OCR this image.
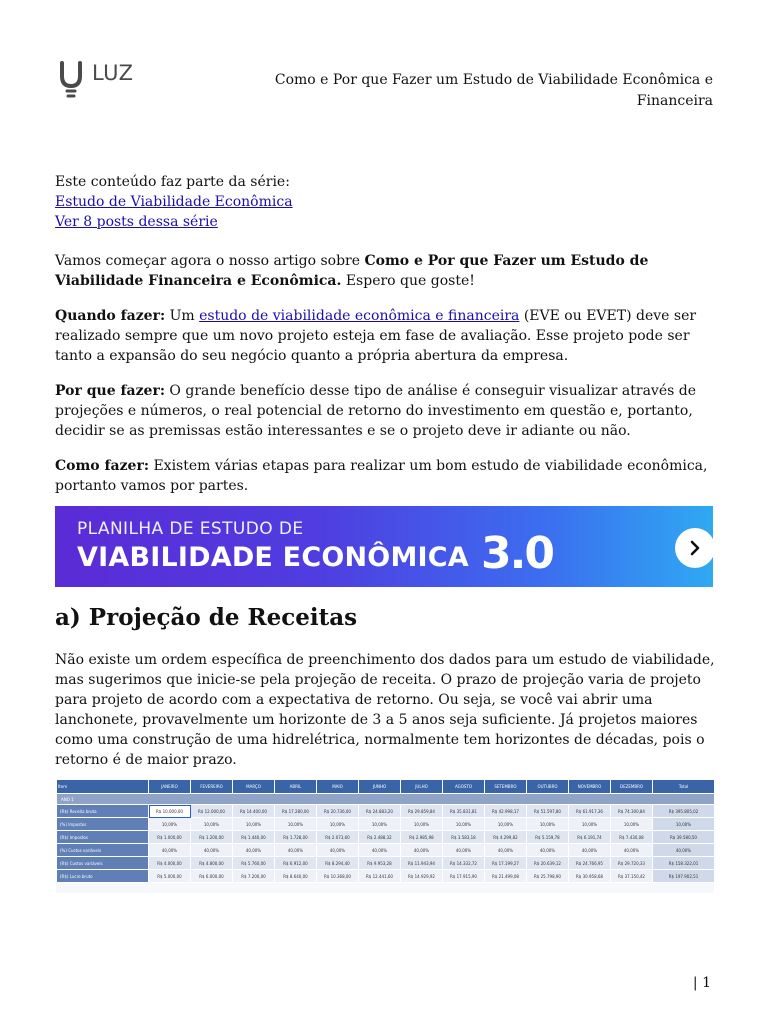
LUZ	Como e Por que Fazer um Estudo de Viabilidade Econômica e Financeira

Este conteúdo faz parte da série:

Estudo de Viabilidade Econômica

Ver 8 posts dessa série

Vamos começar agora o nosso artigo sobre Como e Por que Fazer um Estudo de Viabilidade Financeira e Econômica. Espero que goste!

Quando fazer: Um estudo de viabilidade econômica e financeira (EVE ou EVET) deve ser realizado sempre que um novo projeto esteja em fase de avaliação. Esse projeto pode ser tanto a expansão do seu negócio quanto a própria abertura da empresa.

Por que fazer: O grande benefício desse tipo de análise é conseguir visualizar através de projeções e números, o real potencial de retorno do investimento em questão e, portanto, decidir se as premissas estão interessantes e se o projeto deve ir adiante ou não.

Como fazer: Existem várias etapas para realizar um bom estudo de viabilidade econômica, portanto vamos por partes.

PLANILHA DE ESTUDO DE
VIABILIDADE ECONÔMICA 3.0
a) Projeção de Receitas

Não existe um ordem específica de preenchimento dos dados para um estudo de viabilidade, mas sugerimos que inicie-se pela projeção de receita. O prazo de projeção varia de projeto para projeto de acordo com a expectativa de retorno. Ou seja, se você vai abrir uma lanchonete, provavelmente um horizonte de 3 a 5 anos seja suficiente. Já projetos maiores como uma construção de uma hidrelétrica, normalmente tem horizontes de décadas, pois o retorno é de maior prazo.

Item	JANEIRO	FEVEREIRO	MARÇO	ABRIL	MAIO	JUNHO	JULHO	AGOSTO	SETEMBRO	OUTUBRO	NOVEMBRO	DEZEMBRO	Total
ANO 1													
(R$) Receita bruta	R$ 10.000,00	R$ 12.000,00	R$ 14.400,00	R$ 17.280,00	R$ 20.736,00	R$ 24.883,20	R$ 29.859,84	R$ 35.831,81	R$ 42.998,17	R$ 51.597,80	R$ 61.917,36	R$ 74.300,84	R$ 395.805,02
(%) Impostos	10,00%	10,00%	10,00%	10,00%	10,00%	10,00%	10,00%	10,00%	10,00%	10,00%	10,00%	10,00%	10,00%
(R$) Impostos	R$ 1.000,00	R$ 1.200,00	R$ 1.440,00	R$ 1.728,00	R$ 2.073,60	R$ 2.488,32	R$ 2.985,98	R$ 3.583,18	R$ 4.299,82	R$ 5.159,78	R$ 6.191,74	R$ 7.430,08	R$ 39.580,50
(%) Custos variáveis	40,00%	40,00%	40,00%	40,00%	40,00%	40,00%	40,00%	40,00%	40,00%	40,00%	40,00%	40,00%	40,00%
(R$) Custos variáveis	R$ 4.000,00	R$ 4.800,00	R$ 5.760,00	R$ 6.912,00	R$ 8.294,40	R$ 9.953,28	R$ 11.943,94	R$ 14.332,72	R$ 17.199,27	R$ 20.639,12	R$ 24.766,95	R$ 29.720,33	R$ 158.322,01
(R$) Lucro bruto	R$ 5.000,00	R$ 6.000,00	R$ 7.200,00	R$ 8.640,00	R$ 10.368,00	R$ 12.441,60	R$ 14.929,92	R$ 17.915,90	R$ 21.499,08	R$ 25.798,90	R$ 30.958,68	R$ 37.150,42	R$ 197.902,51
| 1
